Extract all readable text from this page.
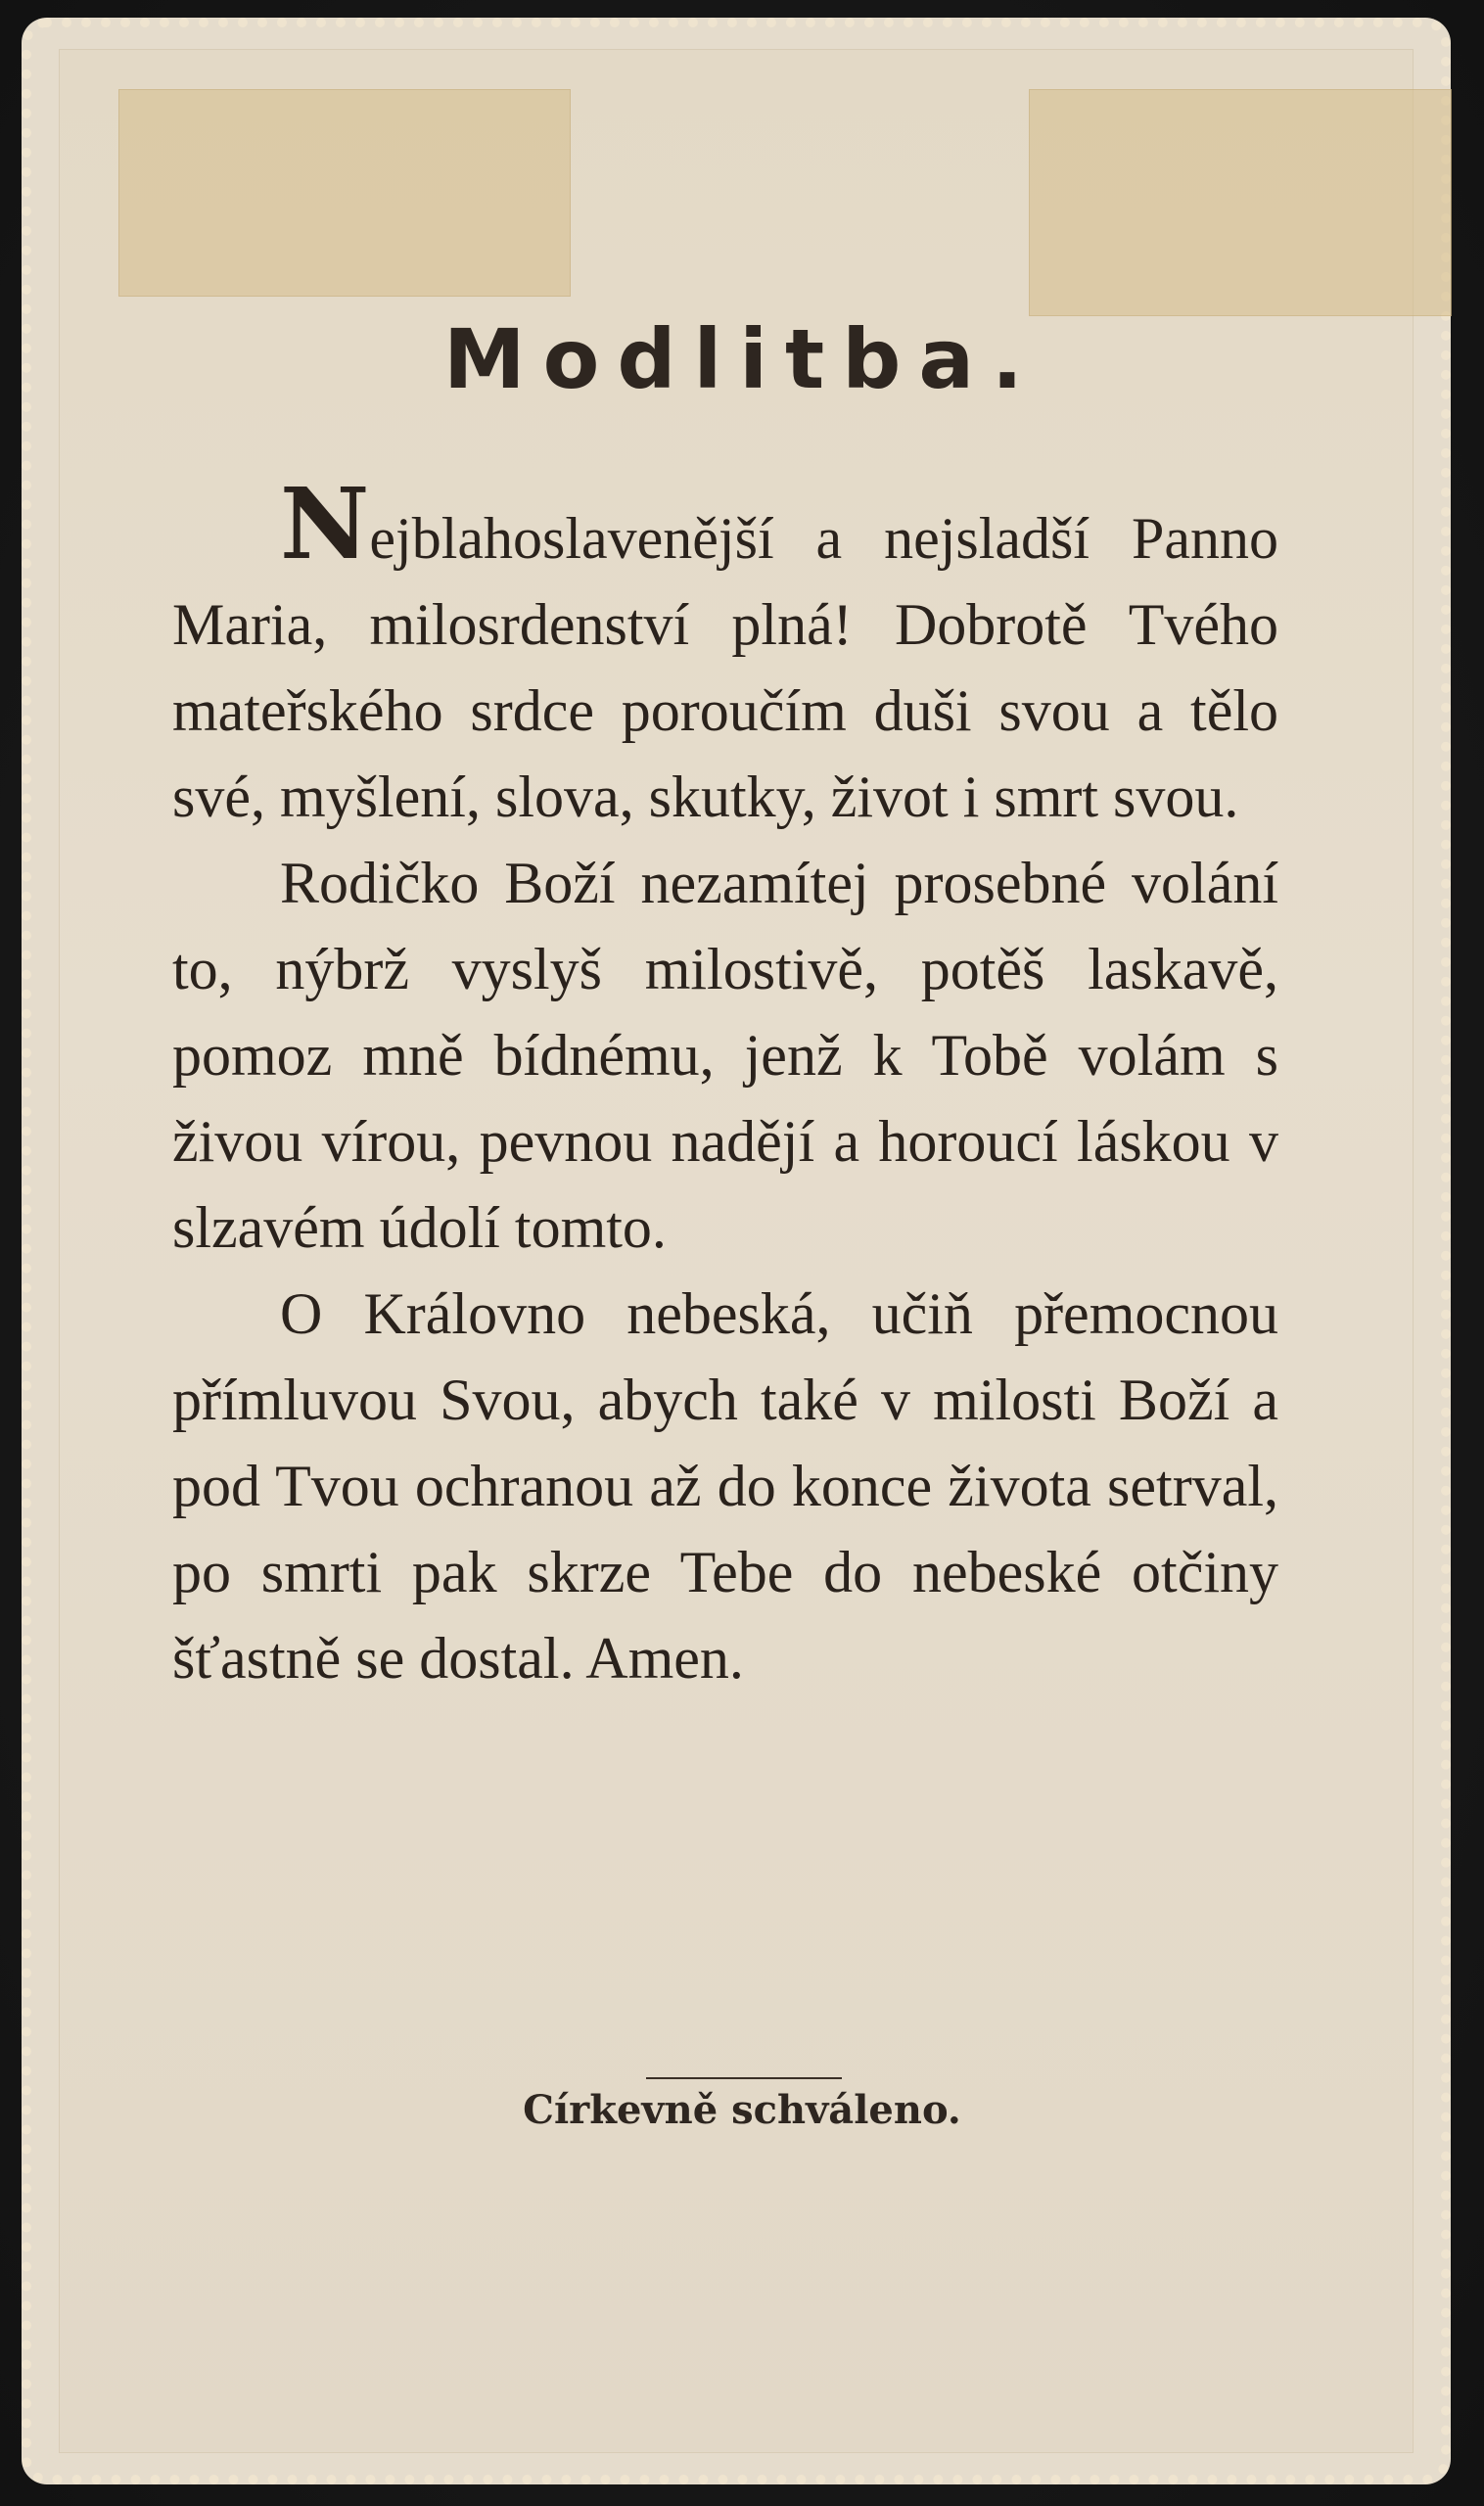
Modlitba.

Nejblahoslavenější a nejsladší Panno Maria, milosrdenství plná! Dobrotě Tvého mateřského srdce poroučím duši svou a tělo své, myšlení, slova, skutky, život i smrt svou.

Rodičko Boží nezamítej prosebné volání to, nýbrž vyslyš milostivě, potěš laskavě, pomoz mně bídnému, jenž k Tobě volám s živou vírou, pevnou nadějí a horoucí láskou v slzavém údolí tomto.

O Královno nebeská, učiň přemocnou přímluvou Svou, abych také v milosti Boží a pod Tvou ochranou až do konce života setrval, po smrti pak skrze Tebe do nebeské otčiny šťastně se dostal. Amen.

Církevně schváleno.
